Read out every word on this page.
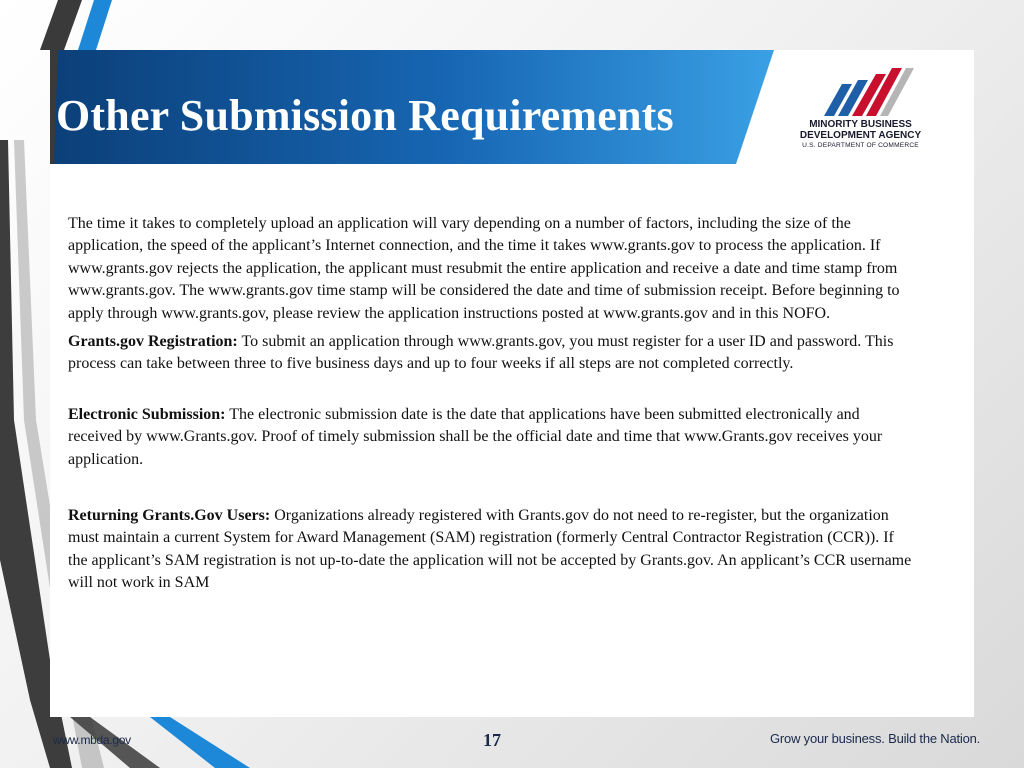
Other Submission Requirements	MINORITY BUSINESS
DEVELOPMENT AGENCY
U.S. DEPARTMENT OF COMMERCE

The time it takes to completely upload an application will vary depending on a number of factors, including the size of the application, the speed of the applicant’s Internet connection, and the time it takes www.grants.gov to process the application. If www.grants.gov rejects the application, the applicant must resubmit the entire application and receive a date and time stamp from www.grants.gov. The www.grants.gov time stamp will be considered the date and time of submission receipt. Before beginning to apply through www.grants.gov, please review the application instructions posted at www.grants.gov and in this NOFO.

Grants.gov Registration: To submit an application through www.grants.gov, you must register for a user ID and password. This process can take between three to five business days and up to four weeks if all steps are not completed correctly.

Electronic Submission: The electronic submission date is the date that applications have been submitted electronically and received by www.Grants.gov. Proof of timely submission shall be the official date and time that www.Grants.gov receives your application.

Returning Grants.Gov Users: Organizations already registered with Grants.gov do not need to re-register, but the organization must maintain a current System for Award Management (SAM) registration (formerly Central Contractor Registration (CCR)). If the applicant’s SAM registration is not up-to-date the application will not be accepted by Grants.gov. An applicant’s CCR username will not work in SAM

www.mbda.gov	17	Grow your business. Build the Nation.
